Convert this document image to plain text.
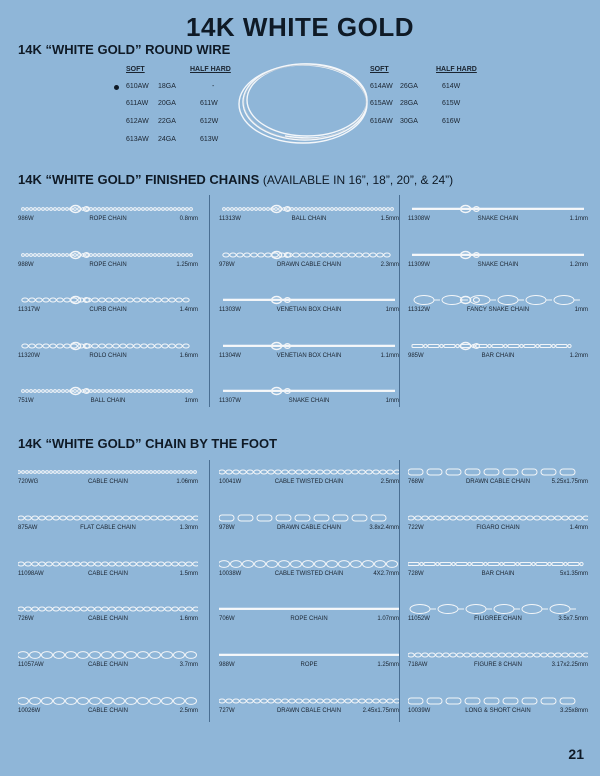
14K WHITE GOLD
14K “WHITE GOLD” ROUND WIRE
SOFT	HALF HARD	SOFT	HALF HARD
610AW 18GA	-
611AW 20GA	611W
612AW 22GA	612W
613AW 24GA	613W
614AW 26GA	614W
615AW 28GA	615W
616AW 30GA	616W
14K “WHITE GOLD” FINISHED CHAINS (AVAILABLE IN 16”, 18”, 20”, & 24”)
14K “WHITE GOLD” CHAIN BY THE FOOT
986W	ROPE CHAIN	0.8mm
988W	ROPE CHAIN	1.25mm
11317W	CURB CHAIN	1.4mm
11320W	ROLO CHAIN	1.6mm
751W	BALL CHAIN	1mm
11313W	BALL CHAIN	1.5mm
978W	DRAWN CABLE CHAIN	2.3mm
11303W	VENETIAN BOX CHAIN	1mm
11304W	VENETIAN BOX CHAIN	1.1mm
11307W	SNAKE CHAIN	1mm
11308W	SNAKE CHAIN	1.1mm
11309W	SNAKE CHAIN	1.2mm
11312W	FANCY SNAKE CHAIN	1mm
985W	BAR CHAIN	1.2mm
720WG	CABLE CHAIN	1.06mm
875AW	FLAT CABLE CHAIN	1.3mm
11098AW	CABLE CHAIN	1.5mm
726W	CABLE CHAIN	1.6mm
11057AW	CABLE CHAIN	3.7mm
10026W	CABLE CHAIN	2.5mm
10041W	CABLE TWISTED CHAIN	2.5mm
978W	DRAWN CABLE CHAIN	3.8x2.4mm
10038W	CABLE TWISTED CHAIN	4X2.7mm
706W	ROPE CHAIN	1.07mm
988W	ROPE	1.25mm
727W	DRAWN CBALE CHAIN	2.45x1.75mm
768W	DRAWN CABLE CHAIN	5.25x1.75mm
722W	FIGARO CHAIN	1.4mm
728W	BAR CHAIN	5x1.35mm
11052W	FILIGREE CHAIN	3.5x7.5mm
718AW	FIGURE 8 CHAIN	3.17x2.25mm
10039W	LONG & SHORT CHAIN	3.25x8mm
21
